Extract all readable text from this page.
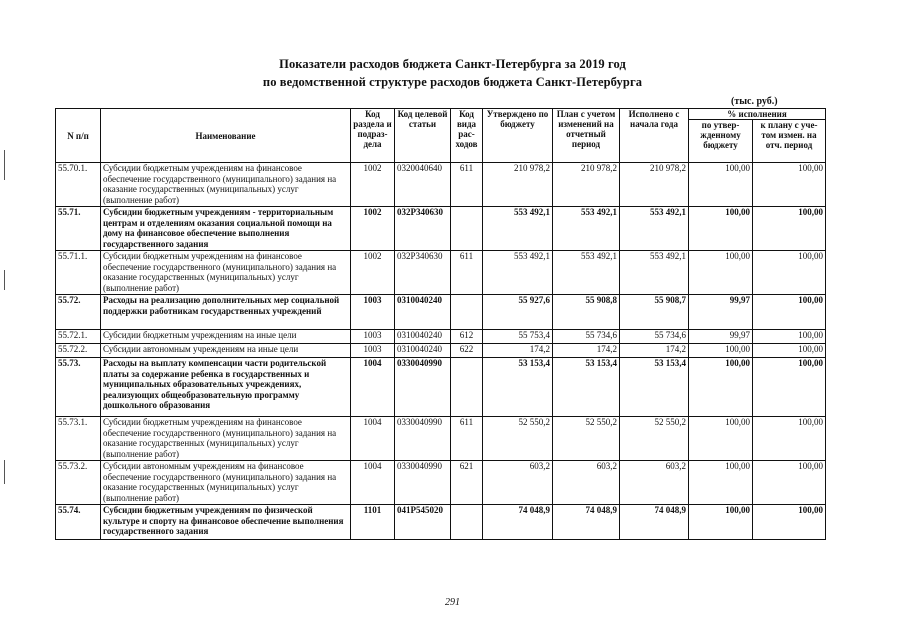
Показатели расходов бюджета Санкт-Петербурга за 2019 год
по ведомственной структуре расходов бюджета Санкт-Петербурга
(тыс. руб.)
N п/п	Наименование	Код раздела и подраз-дела	Код целевой статьи	Код вида рас-ходов	Утверждено по бюджету	План с учетом изменений на отчетный период	Исполнено с начала года	% исполнения	
								по утвер-жденному бюджету	к плану с уче-том измен. на отч. период
55.70.1.	Субсидии бюджетным учреждениям на финансовое обеспечение государственного (муниципального) задания на оказание государственных (муниципальных) услуг (выполнение работ)	1002	0320040640	611	210 978,2	210 978,2	210 978,2	100,00	100,00
55.71.	Субсидии бюджетным учреждениям - территориальным центрам и отделениям оказания социальной помощи на дому на финансовое обеспечение выполнения государственного задания	1002	032P340630		553 492,1	553 492,1	553 492,1	100,00	100,00
55.71.1.	Субсидии бюджетным учреждениям на финансовое обеспечение государственного (муниципального) задания на оказание государственных (муниципальных) услуг (выполнение работ)	1002	032P340630	611	553 492,1	553 492,1	553 492,1	100,00	100,00
55.72.	Расходы на реализацию дополнительных мер социальной поддержки работникам государственных учреждений	1003	0310040240		55 927,6	55 908,8	55 908,7	99,97	100,00
55.72.1.	Субсидии бюджетным учреждениям на иные цели	1003	0310040240	612	55 753,4	55 734,6	55 734,6	99,97	100,00
55.72.2.	Субсидии автономным учреждениям на иные цели	1003	0310040240	622	174,2	174,2	174,2	100,00	100,00
55.73.	Расходы на выплату компенсации части родительской платы за содержание ребенка в государственных и муниципальных образовательных учреждениях, реализующих общеобразовательную программу дошкольного образования	1004	0330040990		53 153,4	53 153,4	53 153,4	100,00	100,00
55.73.1.	Субсидии бюджетным учреждениям на финансовое обеспечение государственного (муниципального) задания на оказание государственных (муниципальных) услуг (выполнение работ)	1004	0330040990	611	52 550,2	52 550,2	52 550,2	100,00	100,00
55.73.2.	Субсидии автономным учреждениям на финансовое обеспечение государственного (муниципального) задания на оказание государственных (муниципальных) услуг (выполнение работ)	1004	0330040990	621	603,2	603,2	603,2	100,00	100,00
55.74.	Субсидии бюджетным учреждениям по физической культуре и спорту на финансовое обеспечение выполнения государственного задания	1101	041P545020		74 048,9	74 048,9	74 048,9	100,00	100,00
291
